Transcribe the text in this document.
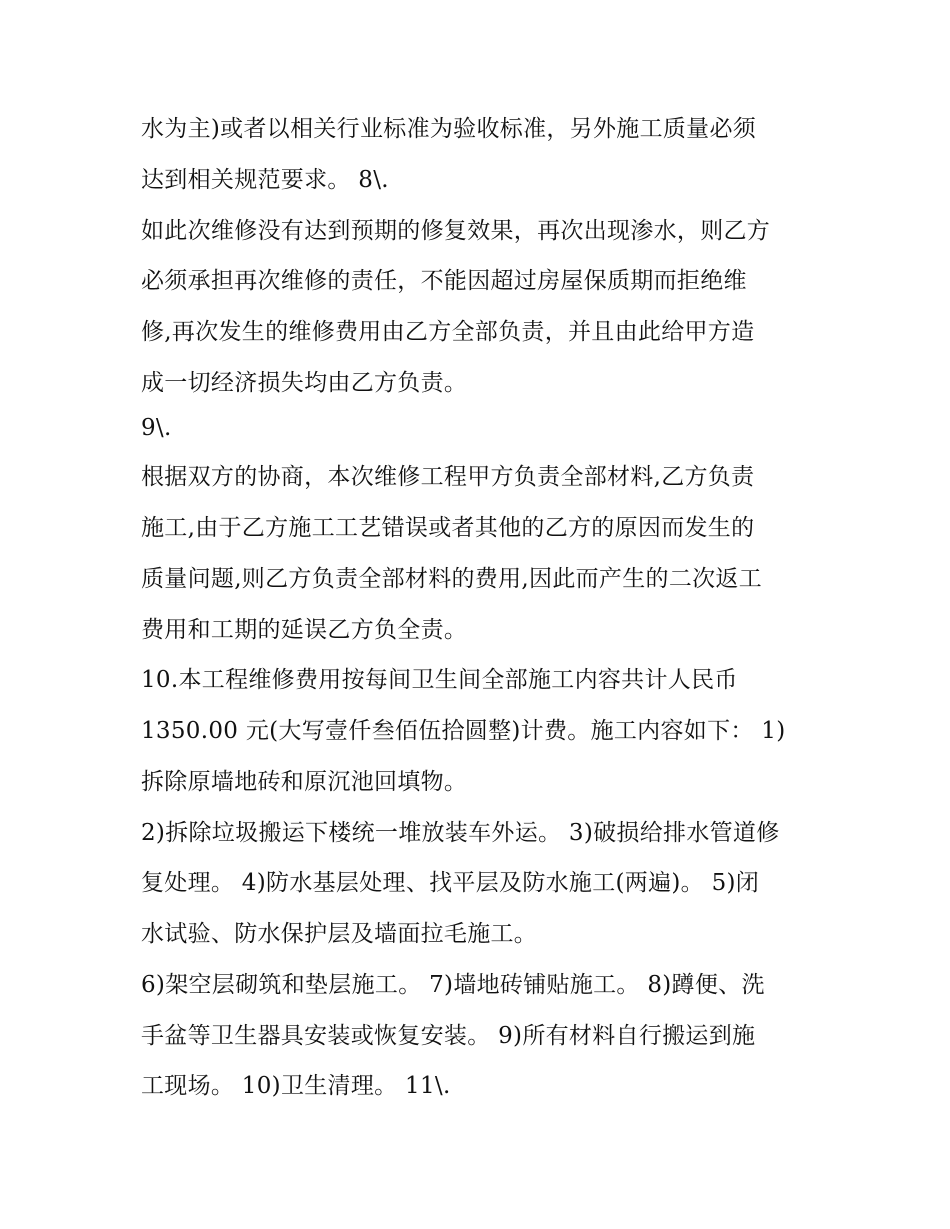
水为主)或者以相关行业标准为验收标准，另外施工质量必须
达到相关规范要求。 8\.
如此次维修没有达到预期的修复效果，再次出现渗水，则乙方
必须承担再次维修的责任，不能因超过房屋保质期而拒绝维
修,再次发生的维修费用由乙方全部负责，并且由此给甲方造
成一切经济损失均由乙方负责。
9\.
根据双方的协商，本次维修工程甲方负责全部材料,乙方负责
施工,由于乙方施工工艺错误或者其他的乙方的原因而发生的
质量问题,则乙方负责全部材料的费用,因此而产生的二次返工
费用和工期的延误乙方负全责。
10.本工程维修费用按每间卫生间全部施工内容共计人民币
1350.00 元(大写壹仟叁佰伍拾圆整)计费。施工内容如下： 1)
拆除原墙地砖和原沉池回填物。
2)拆除垃圾搬运下楼统一堆放装车外运。 3)破损给排水管道修
复处理。 4)防水基层处理、找平层及防水施工(两遍)。 5)闭
水试验、防水保护层及墙面拉毛施工。
6)架空层砌筑和垫层施工。 7)墙地砖铺贴施工。 8)蹲便、洗
手盆等卫生器具安装或恢复安装。 9)所有材料自行搬运到施
工现场。 10)卫生清理。 11\.
